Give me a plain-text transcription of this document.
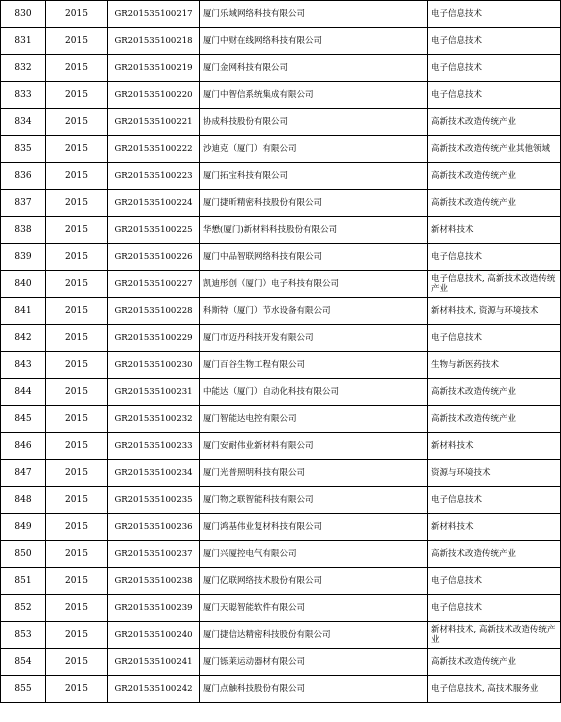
830	2015	GR201535100217	厦门乐域网络科技有限公司	电子信息技术
831	2015	GR201535100218	厦门中财在线网络科技有限公司	电子信息技术
832	2015	GR201535100219	厦门金网科技有限公司	电子信息技术
833	2015	GR201535100220	厦门中智信系统集成有限公司	电子信息技术
834	2015	GR201535100221	协成科技股份有限公司	高新技术改造传统产业
835	2015	GR201535100222	沙迪克（厦门）有限公司	高新技术改造传统产业其他领域
836	2015	GR201535100223	厦门拓宝科技有限公司	高新技术改造传统产业
837	2015	GR201535100224	厦门捷昕精密科技股份有限公司	高新技术改造传统产业
838	2015	GR201535100225	华懋(厦门)新材料科技股份有限公司	新材料技术
839	2015	GR201535100226	厦门中品智联网络科技有限公司	电子信息技术
840	2015	GR201535100227	凯迪彤创（厦门）电子科技有限公司	电子信息技术, 高新技术改造传统产业
841	2015	GR201535100228	科斯特（厦门）节水设备有限公司	新材料技术, 资源与环境技术
842	2015	GR201535100229	厦门市迈丹科技开发有限公司	电子信息技术
843	2015	GR201535100230	厦门百谷生物工程有限公司	生物与新医药技术
844	2015	GR201535100231	中能达（厦门）自动化科技有限公司	高新技术改造传统产业
845	2015	GR201535100232	厦门智能达电控有限公司	高新技术改造传统产业
846	2015	GR201535100233	厦门安耐伟业新材料有限公司	新材料技术
847	2015	GR201535100234	厦门光普照明科技有限公司	资源与环境技术
848	2015	GR201535100235	厦门物之联智能科技有限公司	电子信息技术
849	2015	GR201535100236	厦门鸿基伟业复材科技有限公司	新材料技术
850	2015	GR201535100237	厦门兴厦控电气有限公司	高新技术改造传统产业
851	2015	GR201535100238	厦门亿联网络技术股份有限公司	电子信息技术
852	2015	GR201535100239	厦门天聪智能软件有限公司	电子信息技术
853	2015	GR201535100240	厦门捷信达精密科技股份有限公司	新材料技术, 高新技术改造传统产业
854	2015	GR201535100241	厦门铄莱运动器材有限公司	高新技术改造传统产业
855	2015	GR201535100242	厦门点触科技股份有限公司	电子信息技术, 高技术服务业
